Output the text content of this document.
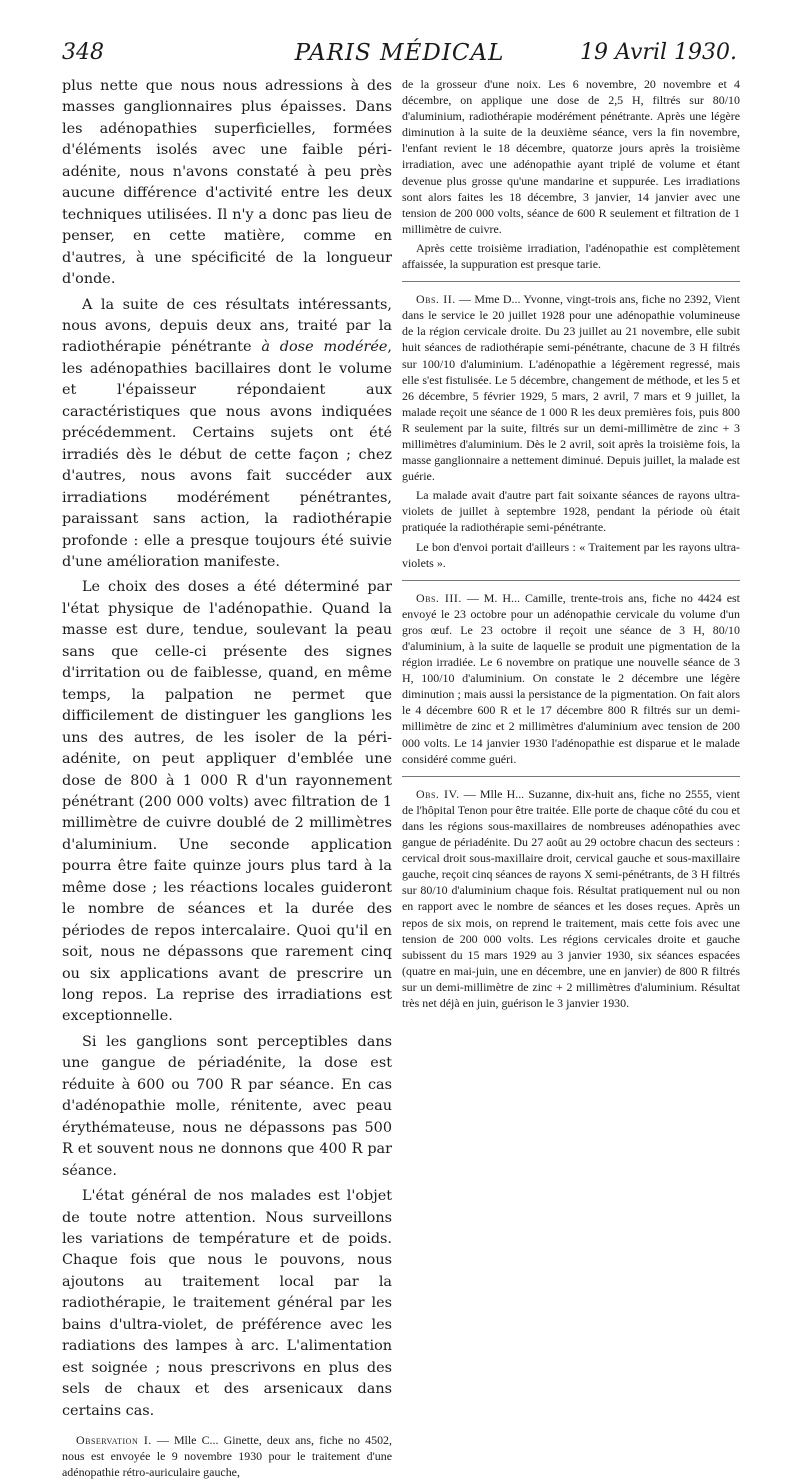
PARIS MÉDICAL
348	19 Avril 1930.

plus nette que nous nous adressions à des masses ganglionnaires plus épaisses. Dans les adénopathies superficielles, formées d'éléments isolés avec une faible péri-adénite, nous n'avons constaté à peu près aucune différence d'activité entre les deux techniques utilisées. Il n'y a donc pas lieu de penser, en cette matière, comme en d'autres, à une spécificité de la longueur d'onde.

A la suite de ces résultats intéressants, nous avons, depuis deux ans, traité par la radiothérapie pénétrante à dose modérée, les adénopathies bacillaires dont le volume et l'épaisseur répondaient aux caractéristiques que nous avons indiquées précédemment. Certains sujets ont été irradiés dès le début de cette façon ; chez d'autres, nous avons fait succéder aux irradiations modérément pénétrantes, paraissant sans action, la radiothérapie profonde : elle a presque toujours été suivie d'une amélioration manifeste.

Le choix des doses a été déterminé par l'état physique de l'adénopathie. Quand la masse est dure, tendue, soulevant la peau sans que celle-ci présente des signes d'irritation ou de faiblesse, quand, en même temps, la palpation ne permet que difficilement de distinguer les ganglions les uns des autres, de les isoler de la péri-adénite, on peut appliquer d'emblée une dose de 800 à 1 000 R d'un rayonnement pénétrant (200 000 volts) avec filtration de 1 millimètre de cuivre doublé de 2 millimètres d'aluminium. Une seconde application pourra être faite quinze jours plus tard à la même dose ; les réactions locales guideront le nombre de séances et la durée des périodes de repos intercalaire. Quoi qu'il en soit, nous ne dépassons que rarement cinq ou six applications avant de prescrire un long repos. La reprise des irradiations est exceptionnelle.

Si les ganglions sont perceptibles dans une gangue de périadénite, la dose est réduite à 600 ou 700 R par séance. En cas d'adénopathie molle, rénitente, avec peau érythémateuse, nous ne dépassons pas 500 R et souvent nous ne donnons que 400 R par séance.

L'état général de nos malades est l'objet de toute notre attention. Nous surveillons les variations de température et de poids. Chaque fois que nous le pouvons, nous ajoutons au traitement local par la radiothérapie, le traitement général par les bains d'ultra-violet, de préférence avec les radiations des lampes à arc. L'alimentation est soignée ; nous prescrivons en plus des sels de chaux et des arsenicaux dans certains cas.

Observation I. — Mlle C... Ginette, deux ans, fiche no 4502, nous est envoyée le 9 novembre 1930 pour le traitement d'une adénopathie rétro-auriculaire gauche,

de la grosseur d'une noix. Les 6 novembre, 20 novembre et 4 décembre, on applique une dose de 2,5 H, filtrés sur 80/10 d'aluminium, radiothérapie modérément pénétrante. Après une légère diminution à la suite de la deuxième séance, vers la fin novembre, l'enfant revient le 18 décembre, quatorze jours après la troisième irradiation, avec une adénopathie ayant triplé de volume et étant devenue plus grosse qu'une mandarine et suppurée. Les irradiations sont alors faites les 18 décembre, 3 janvier, 14 janvier avec une tension de 200 000 volts, séance de 600 R seulement et filtration de 1 millimètre de cuivre.

Après cette troisième irradiation, l'adénopathie est complètement affaissée, la suppuration est presque tarie.

Obs. II. — Mme D... Yvonne, vingt-trois ans, fiche no 2392, Vient dans le service le 20 juillet 1928 pour une adénopathie volumineuse de la région cervicale droite. Du 23 juillet au 21 novembre, elle subit huit séances de radiothérapie semi-pénétrante, chacune de 3 H filtrés sur 100/10 d'aluminium. L'adénopathie a légèrement regressé, mais elle s'est fistulisée. Le 5 décembre, changement de méthode, et les 5 et 26 décembre, 5 février 1929, 5 mars, 2 avril, 7 mars et 9 juillet, la malade reçoit une séance de 1 000 R les deux premières fois, puis 800 R seulement par la suite, filtrés sur un demi-millimètre de zinc + 3 millimètres d'aluminium. Dès le 2 avril, soit après la troisième fois, la masse ganglionnaire a nettement diminué. Depuis juillet, la malade est guérie.

La malade avait d'autre part fait soixante séances de rayons ultra-violets de juillet à septembre 1928, pendant la période où était pratiquée la radiothérapie semi-pénétrante.

Le bon d'envoi portait d'ailleurs : « Traitement par les rayons ultra-violets ».

Obs. III. — M. H... Camille, trente-trois ans, fiche no 4424 est envoyé le 23 octobre pour un adénopathie cervicale du volume d'un gros œuf. Le 23 octobre il reçoit une séance de 3 H, 80/10 d'aluminium, à la suite de laquelle se produit une pigmentation de la région irradiée. Le 6 novembre on pratique une nouvelle séance de 3 H, 100/10 d'aluminium. On constate le 2 décembre une légère diminution ; mais aussi la persistance de la pigmentation. On fait alors le 4 décembre 600 R et le 17 décembre 800 R filtrés sur un demi-millimètre de zinc et 2 millimètres d'aluminium avec tension de 200 000 volts. Le 14 janvier 1930 l'adénopathie est disparue et le malade considéré comme guéri.

Obs. IV. — Mlle H... Suzanne, dix-huit ans, fiche no 2555, vient de l'hôpital Tenon pour être traitée. Elle porte de chaque côté du cou et dans les régions sous-maxillaires de nombreuses adénopathies avec gangue de périadénite. Du 27 août au 29 octobre chacun des secteurs : cervical droit sous-maxillaire droit, cervical gauche et sous-maxillaire gauche, reçoit cinq séances de rayons X semi-pénétrants, de 3 H filtrés sur 80/10 d'aluminium chaque fois. Résultat pratiquement nul ou non en rapport avec le nombre de séances et les doses reçues. Après un repos de six mois, on reprend le traitement, mais cette fois avec une tension de 200 000 volts. Les régions cervicales droite et gauche subissent du 15 mars 1929 au 3 janvier 1930, six séances espacées (quatre en mai-juin, une en décembre, une en janvier) de 800 R filtrés sur un demi-millimètre de zinc + 2 millimètres d'aluminium. Résultat très net déjà en juin, guérison le 3 janvier 1930.
